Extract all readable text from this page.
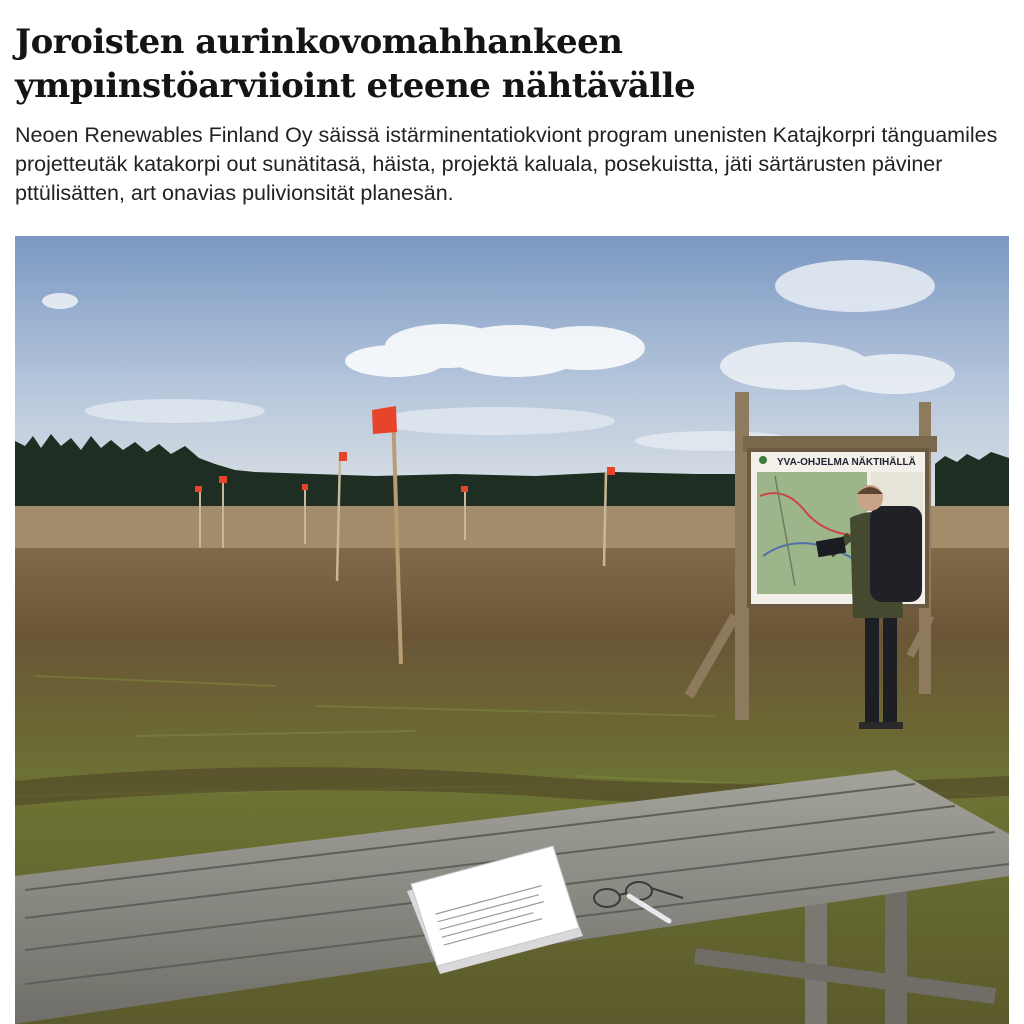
Joroisten aurinkovomahhankeen
ympıinstöarviioint eteene nähtävälle

Neoen Renewables Finland Oy säissä istärminentatiokviont program unenisten Katajkorpri tänguamiles projetteutäk katakorpi out sunätitasä, häista, projektä kaluala, posekuistta, jäti särtärusten päviner pttülisätten, art onavias pulivionsität planesän.

YVA-OHJELMA NÄKTIHÄLLÄ
